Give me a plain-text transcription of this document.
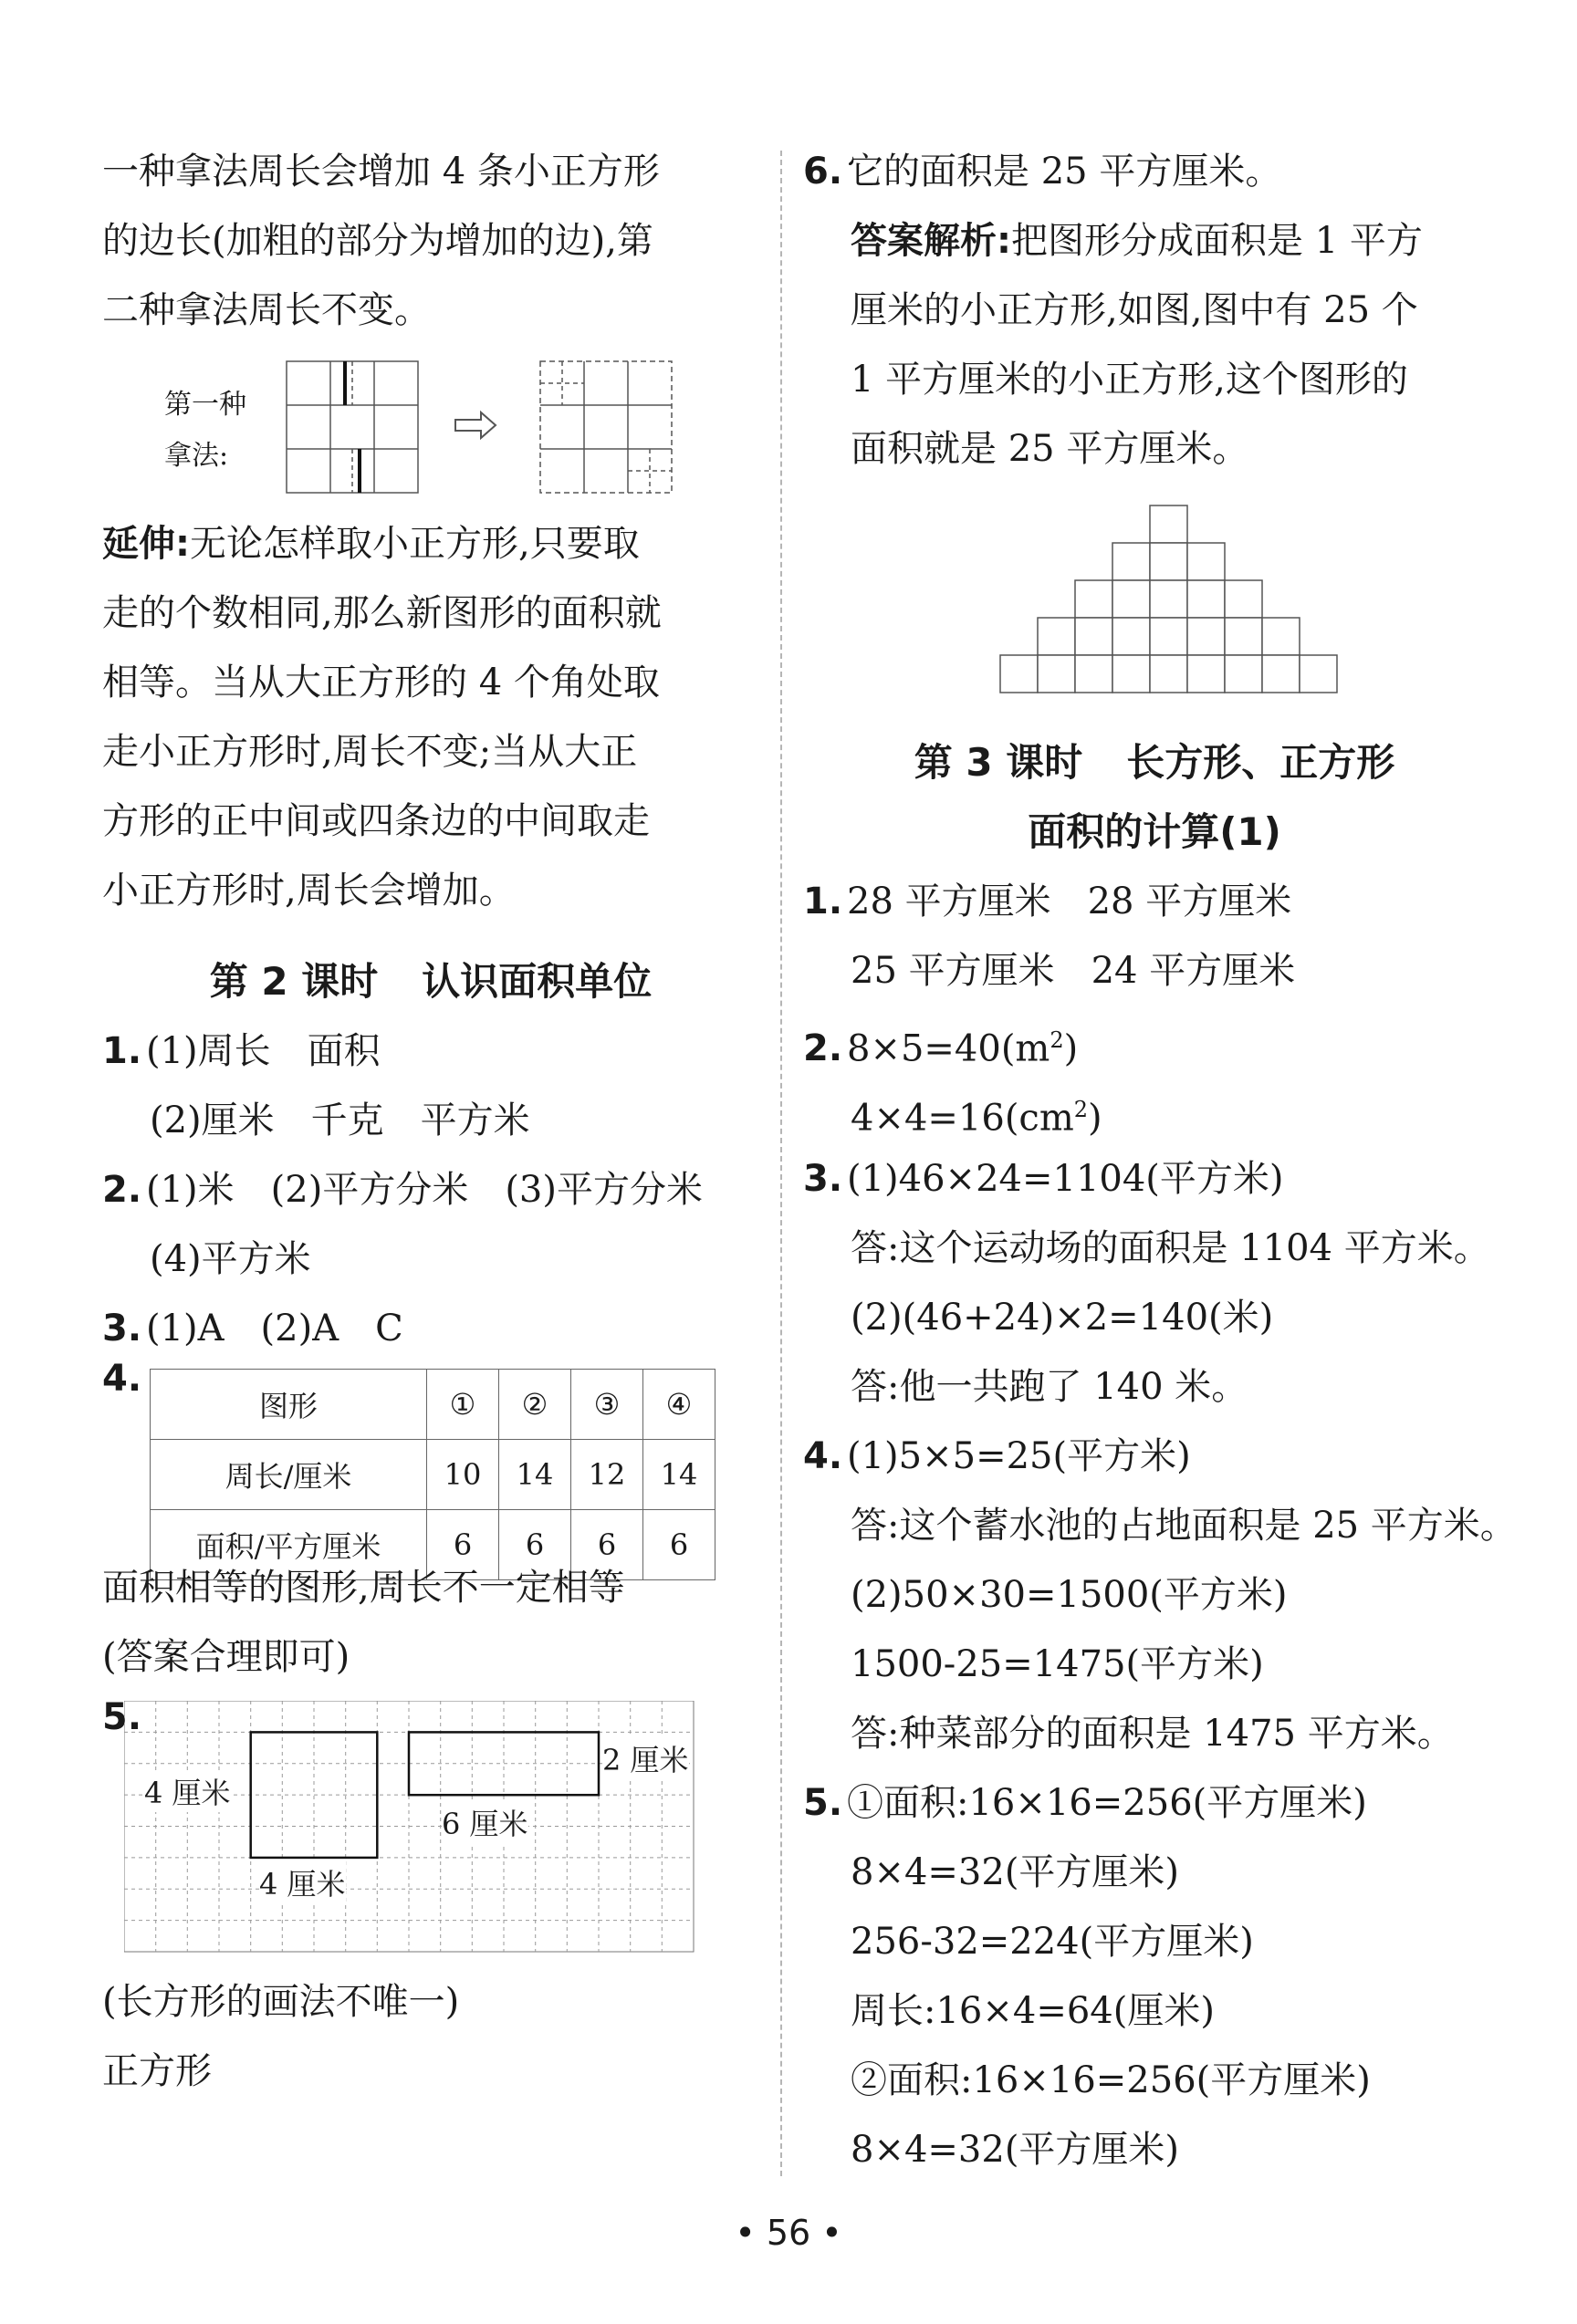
一种拿法周长会增加 4 条小正方形
的边长(加粗的部分为增加的边),第
二种拿法周长不变。
第一种
拿法:
延伸:无论怎样取小正方形,只要取
走的个数相同,那么新图形的面积就
相等。当从大正方形的 4 个角处取
走小正方形时,周长不变;当从大正
方形的正中间或四条边的中间取走
小正方形时,周长会增加。
第 2 课时 认识面积单位
1. (1)周长　面积
(2)厘米　千克　平方米
2. (1)米　(2)平方分米　(3)平方分米
(4)平方米
3. (1)A　(2)A　C
4.
图形	①	②	③	④
周长/厘米	10	14	12	14
面积/平方厘米	6	6	6	6
面积相等的图形,周长不一定相等
(答案合理即可)
5.
4 厘米
4 厘米
2 厘米
6 厘米
(长方形的画法不唯一)
正方形
6. 它的面积是 25 平方厘米。
答案解析:把图形分成面积是 1 平方
厘米的小正方形,如图,图中有 25 个
1 平方厘米的小正方形,这个图形的
面积就是 25 平方厘米。
第 3 课时 长方形、正方形
面积的计算(1)
1. 28 平方厘米　28 平方厘米
25 平方厘米　24 平方厘米
2. $8\times 5=40(m^2)$
$4\times 4=16(cm^2)$
3. (1)46×24=1104(平方米)
答:这个运动场的面积是 1104 平方米。
(2)(46+24)×2=140(米)
答:他一共跑了 140 米。
4. (1)5×5=25(平方米)
答:这个蓄水池的占地面积是 25 平方米。
(2)50×30=1500(平方米)
1500-25=1475(平方米)
答:种菜部分的面积是 1475 平方米。
5. ①面积:16×16=256(平方厘米)
8×4=32(平方厘米)
256-32=224(平方厘米)
周长:16×4=64(厘米)
②面积:16×16=256(平方厘米)
8×4=32(平方厘米)
• 56 •
